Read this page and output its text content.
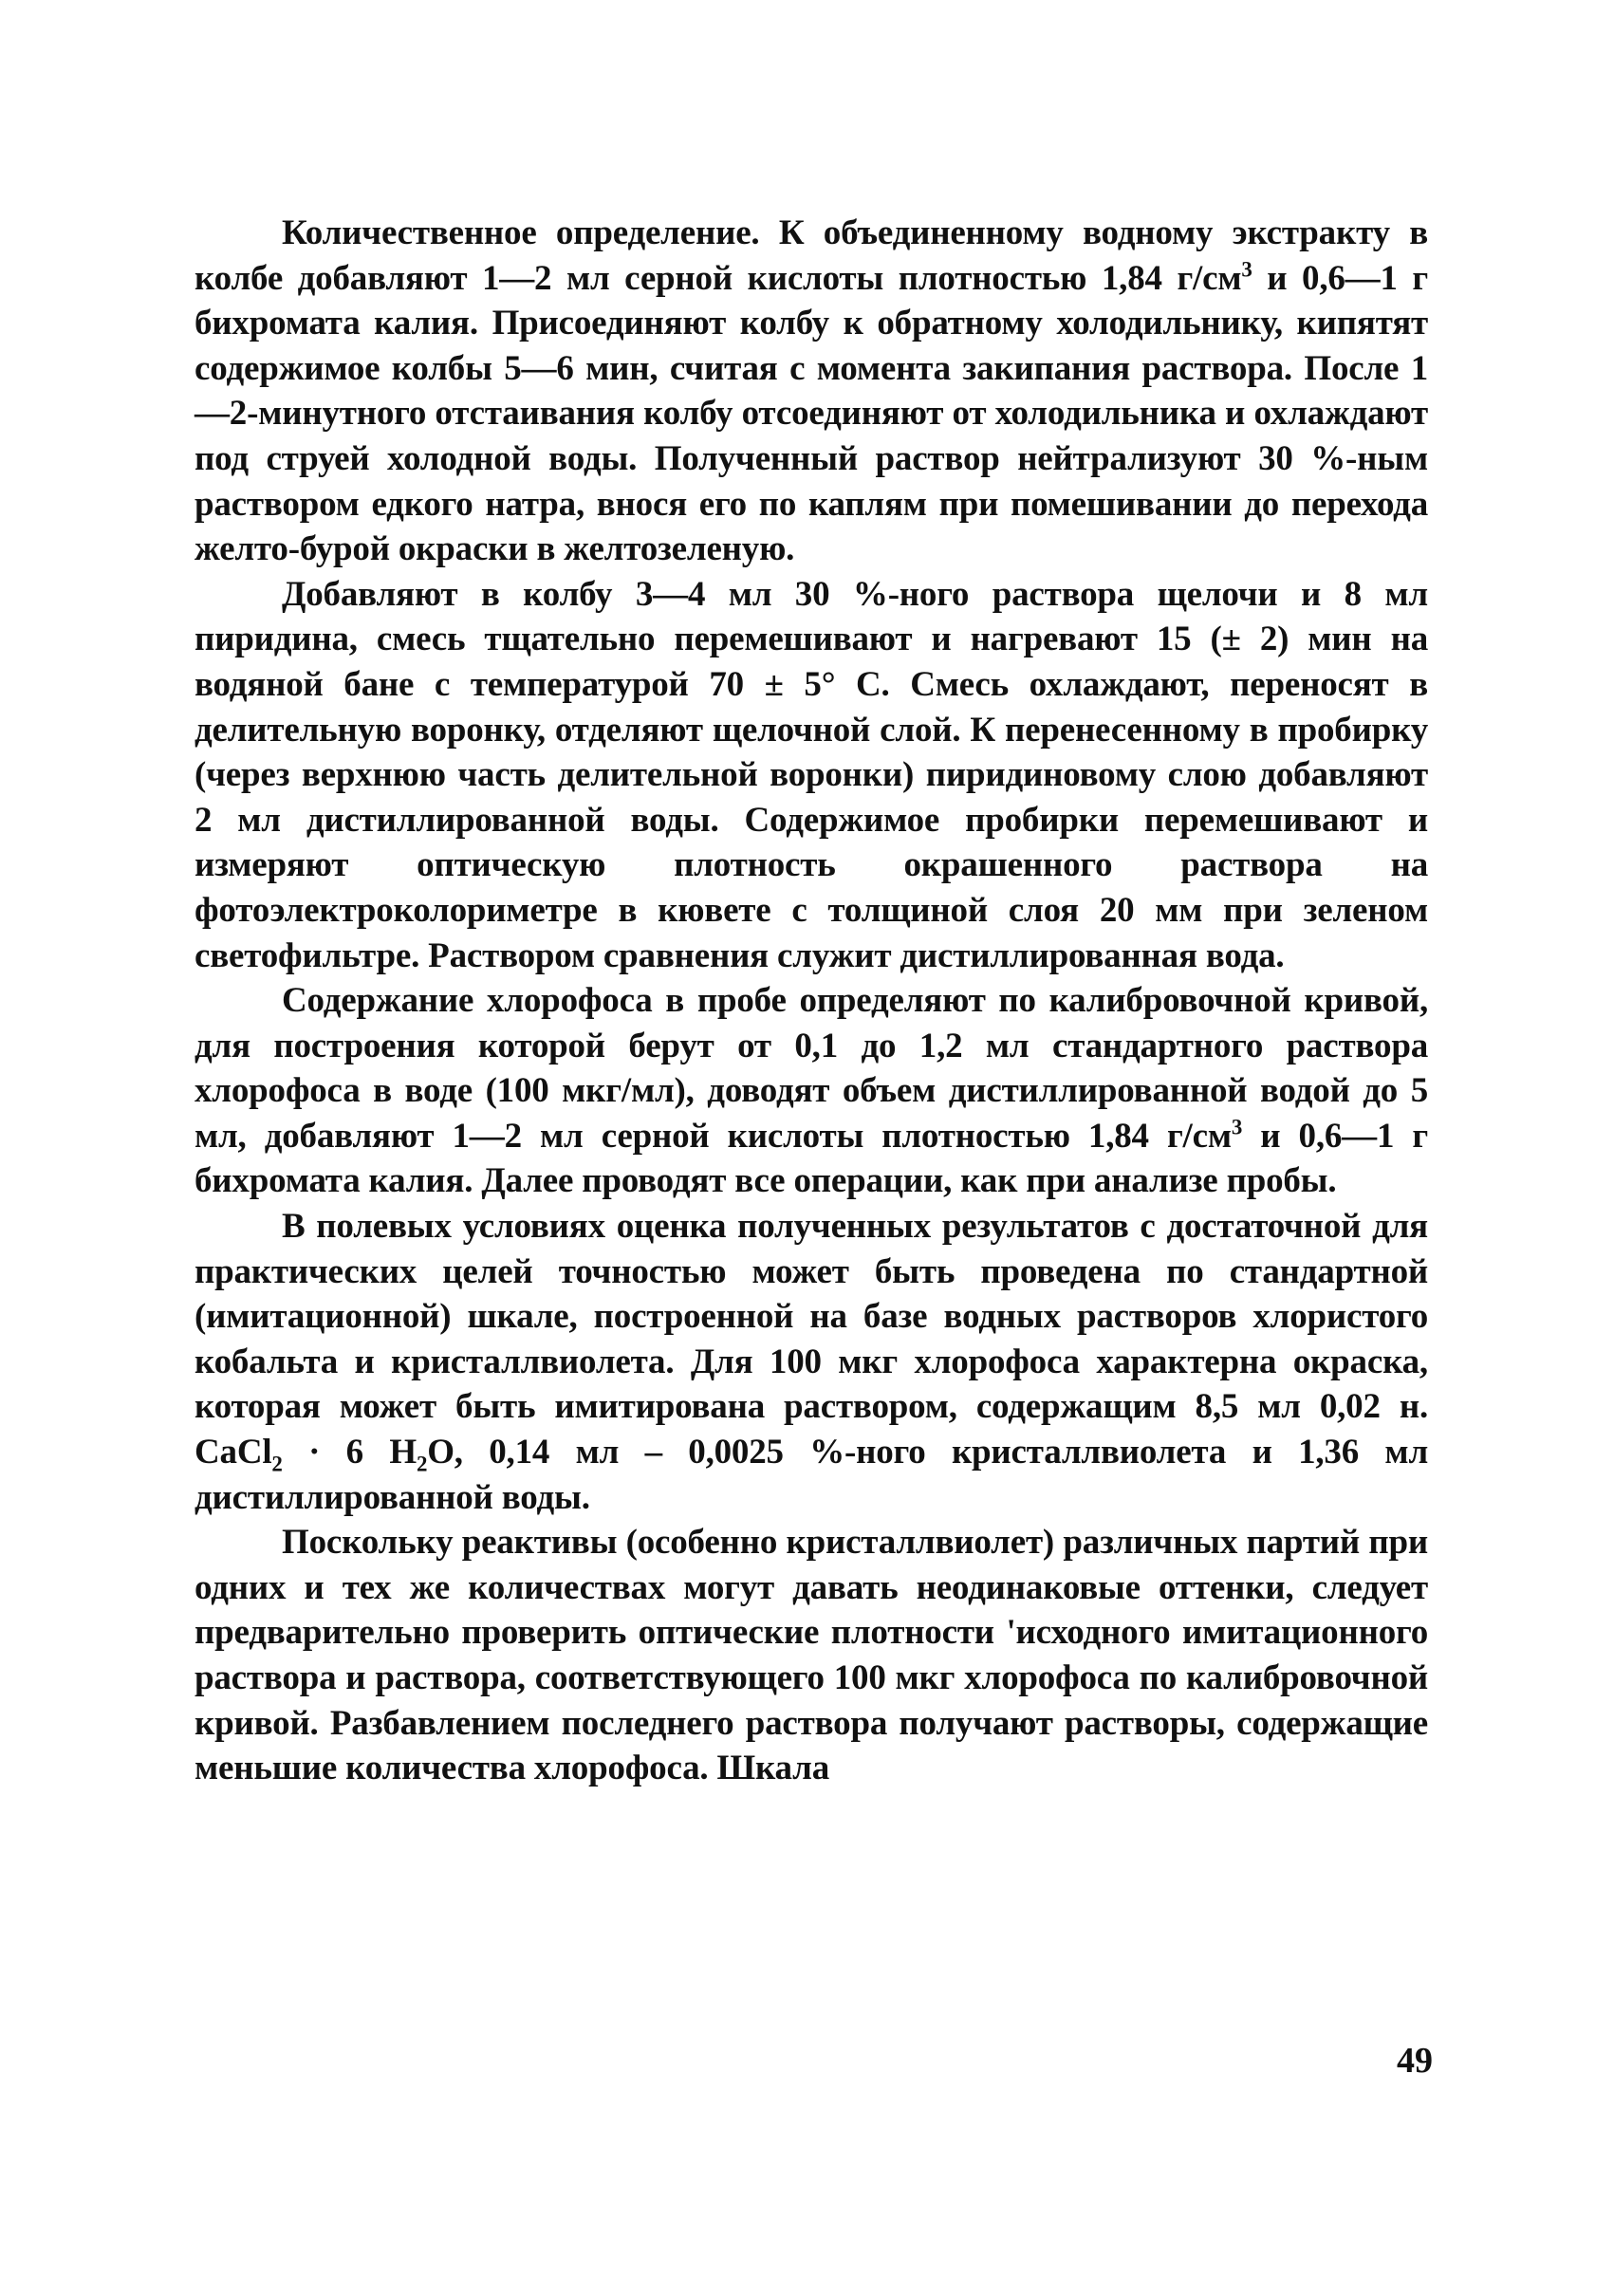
Количественное определение. К объединенному водному экстракту в колбе добавляют 1—2 мл серной кислоты плотностью 1,84 $г/см^3$ и 0,6—1 г бихромата калия. Присоединяют колбу к обратному холодильнику, кипятят содержимое колбы 5—6 мин, считая с момента закипания раствора. После 1—2-минутного отстаивания колбу отсоединяют от холодильника и охлаждают под струей холодной воды. Полученный раствор нейтрализуют 30 %-ным раствором едкого натра, внося его по каплям при помешивании до перехода желто-бурой окраски в желтозеленую.

Добавляют в колбу 3—4 мл 30 %-ного раствора щелочи и 8 мл пиридина, смесь тщательно перемешивают и нагревают 15 (± 2) мин на водяной бане с температурой 70 ± 5° С. Смесь охлаждают, переносят в делительную воронку, отделяют щелочной слой. К перенесенному в пробирку (через верхнюю часть делительной воронки) пиридиновому слою добавляют 2 мл дистиллированной воды. Содержимое пробирки перемешивают и измеряют оптическую плотность окрашенного раствора на фотоэлектроколориметре в кювете с толщиной слоя 20 мм при зеленом светофильтре. Раствором сравнения служит дистиллированная вода.

Содержание хлорофоса в пробе определяют по калибровочной кривой, для построения которой берут от 0,1 до 1,2 мл стандартного раствора хлорофоса в воде (100 мкг/мл), доводят объем дистиллированной водой до 5 мл, добавляют 1—2 мл серной кислоты плотностью 1,84 $г/см^3$ и 0,6—1 г бихромата калия. Далее проводят все операции, как при анализе пробы.

В полевых условиях оценка полученных результатов с достаточной для практических целей точностью может быть проведена по стандартной (имитационной) шкале, построенной на базе водных растворов хлористого кобальта и кристаллвиолета. Для 100 мкг хлорофоса характерна окраска, которая может быть имитирована раствором, содержащим 8,5 мл 0,02 н. CaCl$_2$ · 6 $H_2O$, 0,14 мл – 0,0025 %-ного кристаллвиолета и 1,36 мл дистиллированной воды.

Поскольку реактивы (особенно кристаллвиолет) различных партий при одних и тех же количествах могут давать неодинаковые оттенки, следует предварительно проверить оптические плотности 'исходного имитационного раствора и раствора, соответствующего 100 мкг хлорофоса по калибровочной кривой. Разбавлением последнего раствора получают растворы, содержащие меньшие количества хлорофоса. Шкала

49
